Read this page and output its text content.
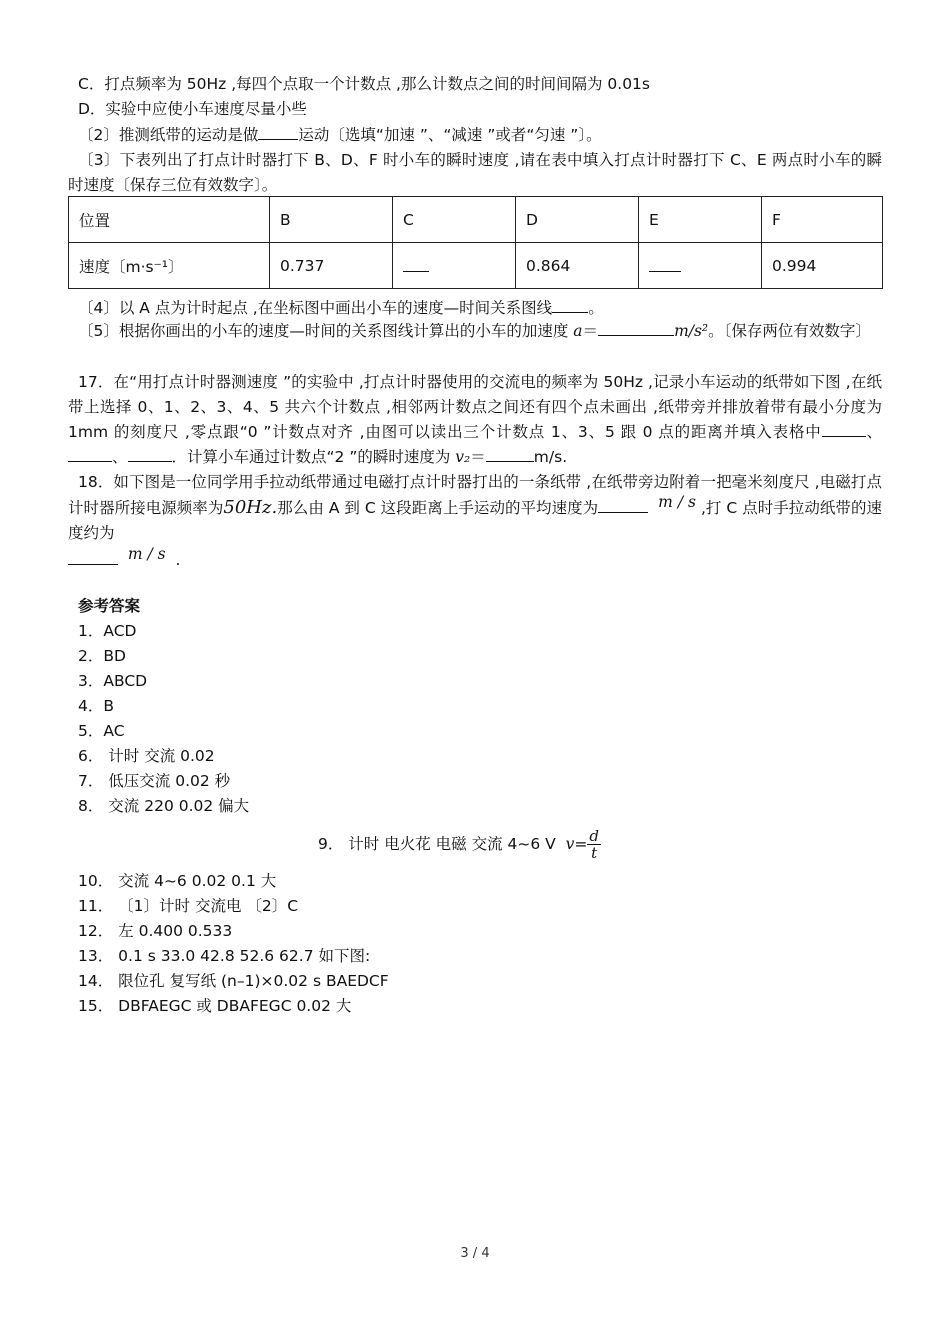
C．打点频率为 50Hz ,每四个点取一个计数点 ,那么计数点之间的时间间隔为 0.01s
D．实验中应使小车速度尽量小些
〔2〕推测纸带的运动是做	运动〔选填“加速 ”、“减速 ”或者“匀速 ”〕。
〔3〕下表列出了打点计时器打下 B、D、F 时小车的瞬时速度 ,请在表中填入打点计时器打下 C、E 两点时小车的瞬时速度〔保存三位有效数字〕。
位置	B	C	D	E	F
速度〔m·s⁻¹〕	0.737		0.864		0.994
〔4〕以 A 点为计时起点 ,在坐标图中画出小车的速度—时间关系图线 。
〔5〕根据你画出的小车的速度—时间的关系图线计算出的小车的加速度 a＝	m/s²。〔保存两位有效数字〕
17．在“用打点计时器测速度 ”的实验中 ,打点计时器使用的交流电的频率为 50Hz ,记录小车运动的纸带如下图 ,在纸带上选择 0、1、2、3、4、5 共六个计数点 ,相邻两计数点之间还有四个点未画出 ,纸带旁并排放着带有最小分度为 1mm 的刻度尺 ,零点跟“0 ”计数点对齐 ,由图可以读出三个计数点 1、3、5 跟 0 点的距离并填入表格中	、、	．计算小车通过计数点“2 ”的瞬时速度为 v₂＝	m/s.
18．如下图是一位同学用手拉动纸带通过电磁打点计时器打出的一条纸带 ,在纸带旁边附着一把毫米刻度尺 ,电磁打点计时器所接电源频率为50Hz.那么由 A 到 C 这段距离上手运动的平均速度为	m / s ,打 C 点时手拉动纸带的速度约为
m / s .
参考答案
1．ACD
2．BD
3．ABCD
4．B
5．AC
6． 计时 交流 0.02
7． 低压交流 0.02 秒
8． 交流 220 0.02 偏大
9． 计时 电火花 电磁 交流 4~6 V $v= \frac{d}{t}$
10． 交流 4~6 0.02 0.1 大
11． 〔1〕计时 交流电 〔2〕C
12． 左 0.400 0.533
13． 0.1 s 33.0 42.8 52.6 62.7 如下图:
14． 限位孔 复写纸 (n–1)×0.02 s BAEDCF
15． DBFAEGC 或 DBAFEGC 0.02 大
3 / 4
